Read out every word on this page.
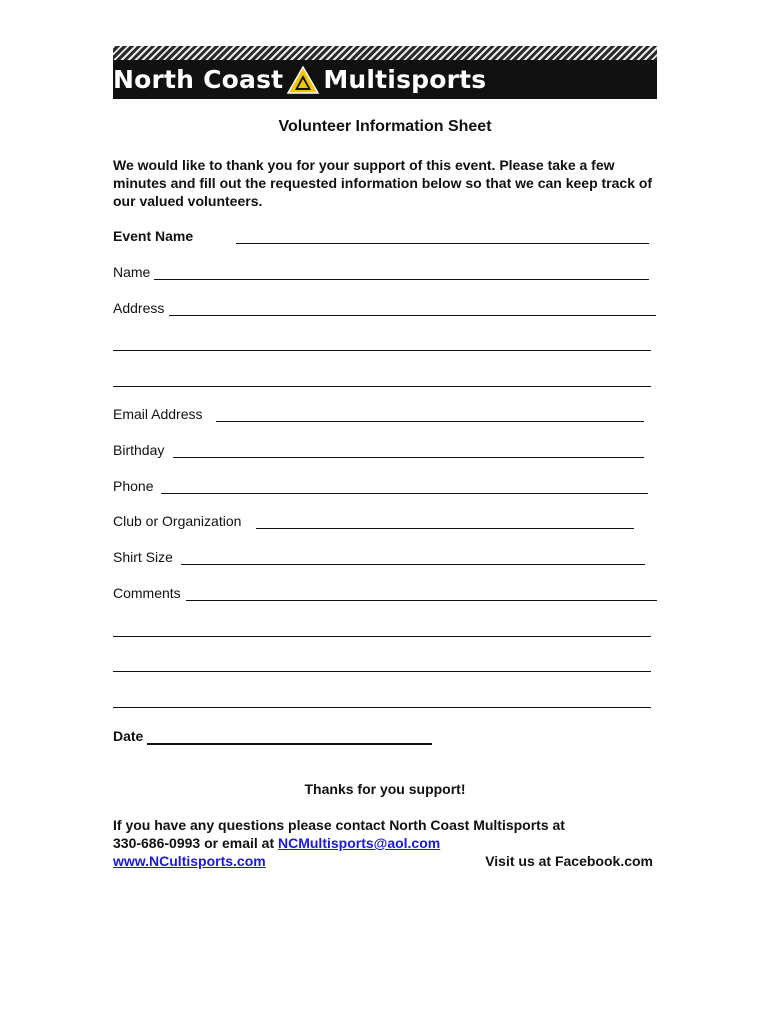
North Coast Multisports
Volunteer Information Sheet
We would like to thank you for your support of this event. Please take a few minutes and fill out the requested information below so that we can keep track of our valued volunteers.
Event Name
Name
Address
Email Address
Birthday
Phone
Club or Organization
Shirt Size
Comments
Date
Thanks for you support!
If you have any questions please contact North Coast Multisports at
330-686-0993 or email at NCMultisports@aol.com
www.NCultisports.com	Visit us at Facebook.com
